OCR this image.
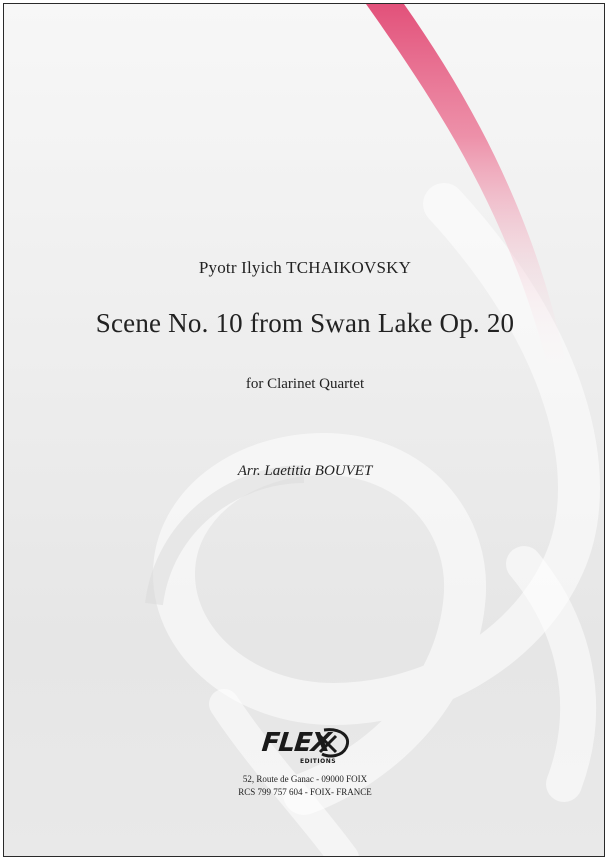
Pyotr Ilyich TCHAIKOVSKY
Scene No. 10 from Swan Lake Op. 20
for Clarinet Quartet
Arr. Laetitia BOUVET
FLEX
EDITIONS
52, Route de Ganac - 09000 FOIX
RCS 799 757 604 - FOIX- FRANCE
